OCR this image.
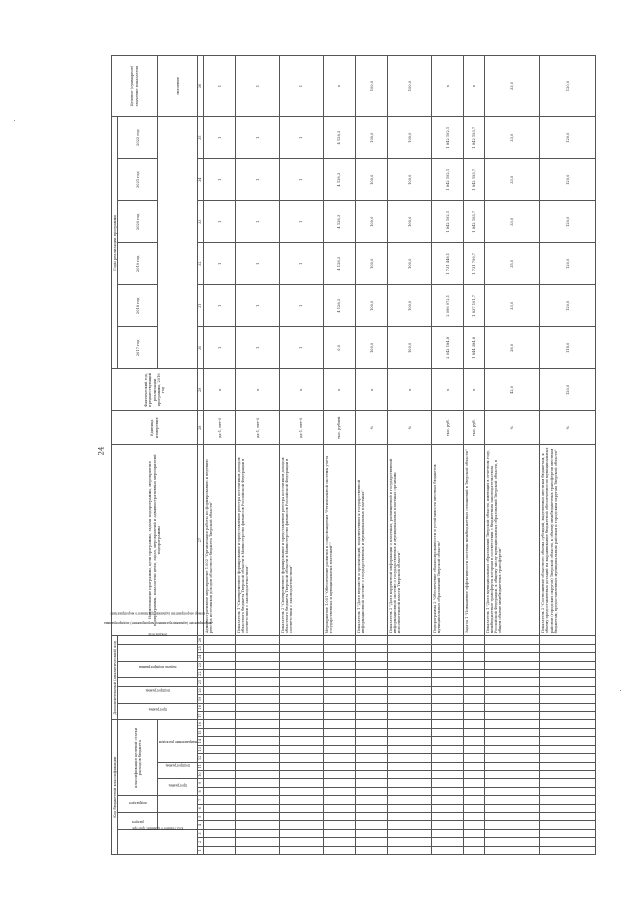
24
Код бюджетной классификации																Дополнительный (аналитический) код										Наименование программы, цели программы, задачи подпрограммы, мероприятия подпрограммы, показатели цели, задач, мероприятий и административных мероприятий подпрограммы	Единица измерения	Фактический год, предшествующий реализации программы, 2016 год	Годы реализации программы						Целевое (суммарное) значение показателя
код главного администратора			раздел		подраздел		классификация целевой статьи расходов бюджета									программа		подпрограмма		задача подпрограммы	мероприятие (административное мероприятие) подпрограммы		номер мероприятия (административного мероприятия)		показатель				2017 год	2018 год	2019 год	2020 год	2021 год	2022 год	
							программа		подпрограмма		направление расходов																								значение
1	2	3	4	5	6	7	8	9	10	11	12	13	14	15	16	17	18	19	20	21	22	23	24	25	26	27	28	29	30	31	32	33	34	35	36
																										Административное мероприятие 1.002 "Организация работы по формированию и ведению реестра источников доходов областного бюджета Тверской области"	да-1, нет-0	х	1	1	1	1	1	1	1
																										Показатель 1 "Своевременное формирование и представление реестра источников доходов областного бюджета Тверской области в Министерство финансов Российской Федерации в соответствии с законодательством"	да-1, нет-0	х	1	1	1	1	1	1	1
																										Показатель 2 "Своевременное формирование и представление реестра источников доходов областного бюджета Тверской области в Министерство финансов Российской Федерации в соответствии с законодательством"	да-1, нет-0	х	1	1	1	1	1	1	1
																										Мероприятие 1.001 "Обеспечение развития и сопровождения "Региональной системы учета государственных и муниципальных платежей""	тыс. рублей	х	0,0	4 128,3	4 128,3	4 128,3	4 128,3	4 128,3	х
																										Показатель 1 "Доля ведомств и организаций, подключенных к государственной информационной системе о государственных и муниципальных платежах"	%	х	100,0	100,0	100,0	100,0	100,0	100,0	100,0
																										Показатель 2 "Доля корректной информации о платежах, размещенной в государственной информационной системе о государственных и муниципальных платежах органами исполнительной власти Тверской области"	%	х	100,0	100,0	100,0	100,0	100,0	100,0	100,0
																										Подпрограмма 2 "Обеспечение сбалансированности и устойчивости местных бюджетов муниципальных образований Тверской области"	тыс. руб.	х	2 042 184,8	2 096 972,1	1 731 448,1	1 842 192,1	1 842 192,1	1 842 192,1	х
																										Задача 1 "Повышение эффективности системы межбюджетных отношений в Тверской области"	тыс. руб.	х	1 844 384,8	1 837 101,7	1 731 799,7	1 842 193,7	1 842 193,7	1 842 193,7	х
																										Показатель 1 "Доля муниципальных образований Тверской области, имеющих в отчетном году, межбюджетные трансферты которым в соответствии с бюджетным законодательством Российской Федерации, к общему числу муниципальных образований Тверской области, в общем объеме межбюджетных трансфертов"	%	42,0	28,0	33,0	35,0	33,0	33,0	33,0	33,0
																										Показатель 2 "Соотношение областного объема субсидий, выделяемых местным бюджетам, к объему предоставленных дотаций на выравнивание бюджетной обеспеченности муниципальных районов (городских округов) Тверской области, к объему межбюджетных трансфертов местным бюджетам, предоставленных муниципальным районам и городским округам Тверской области"	%	120,0	118,0	120,0	120,0	120,0	120,0	120,0	120,0
